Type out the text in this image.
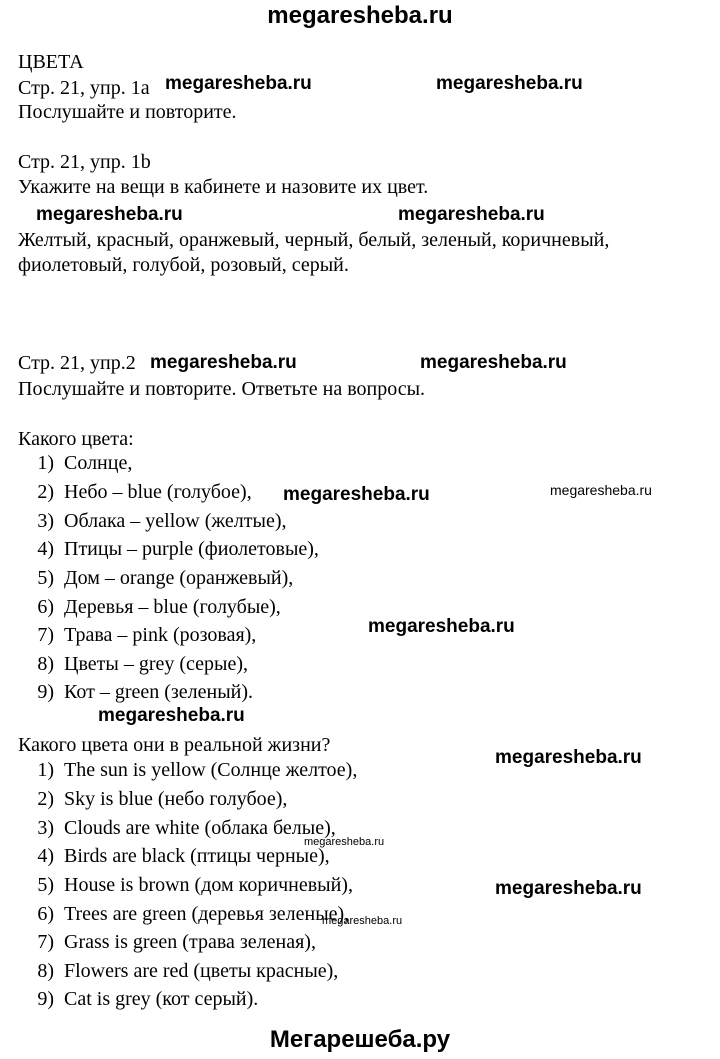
megaresheba.ru
ЦВЕТА
Стр. 21, упр. 1a megaresheba.ru	megaresheba.ru
Послушайте и повторите.
Стр. 21, упр. 1b
Укажите на вещи в кабинете и назовите их цвет.
megaresheba.ru	megaresheba.ru
Желтый, красный, оранжевый, черный, белый, зеленый, коричневый,
фиолетовый, голубой, розовый, серый.
Стр. 21, упр.2 megaresheba.ru	megaresheba.ru
Послушайте и повторите. Ответьте на вопросы.
Какого цвета:
1) Солнце,
2) Небо – blue (голубое),
3) Облака – yellow (желтые),
4) Птицы – purple (фиолетовые),
5) Дом – orange (оранжевый),
6) Деревья – blue (голубые),
7) Трава – pink (розовая),
8) Цветы – grey (серые),
9) Кот – green (зеленый).
megaresheba.ru	megaresheba.ru
megaresheba.ru
megaresheba.ru
Какого цвета они в реальной жизни?
megaresheba.ru
1) The sun is yellow (Солнце желтое),
2) Sky is blue (небо голубое),
3) Clouds are white (облака белые),
4) Birds are black (птицы черные),
5) House is brown (дом коричневый),
6) Trees are green (деревья зеленые),
7) Grass is green (трава зеленая),
8) Flowers are red (цветы красные),
9) Cat is grey (кот серый).
megaresheba.ru
megaresheba.ru
megaresheba.ru
Мегарешеба.ру
